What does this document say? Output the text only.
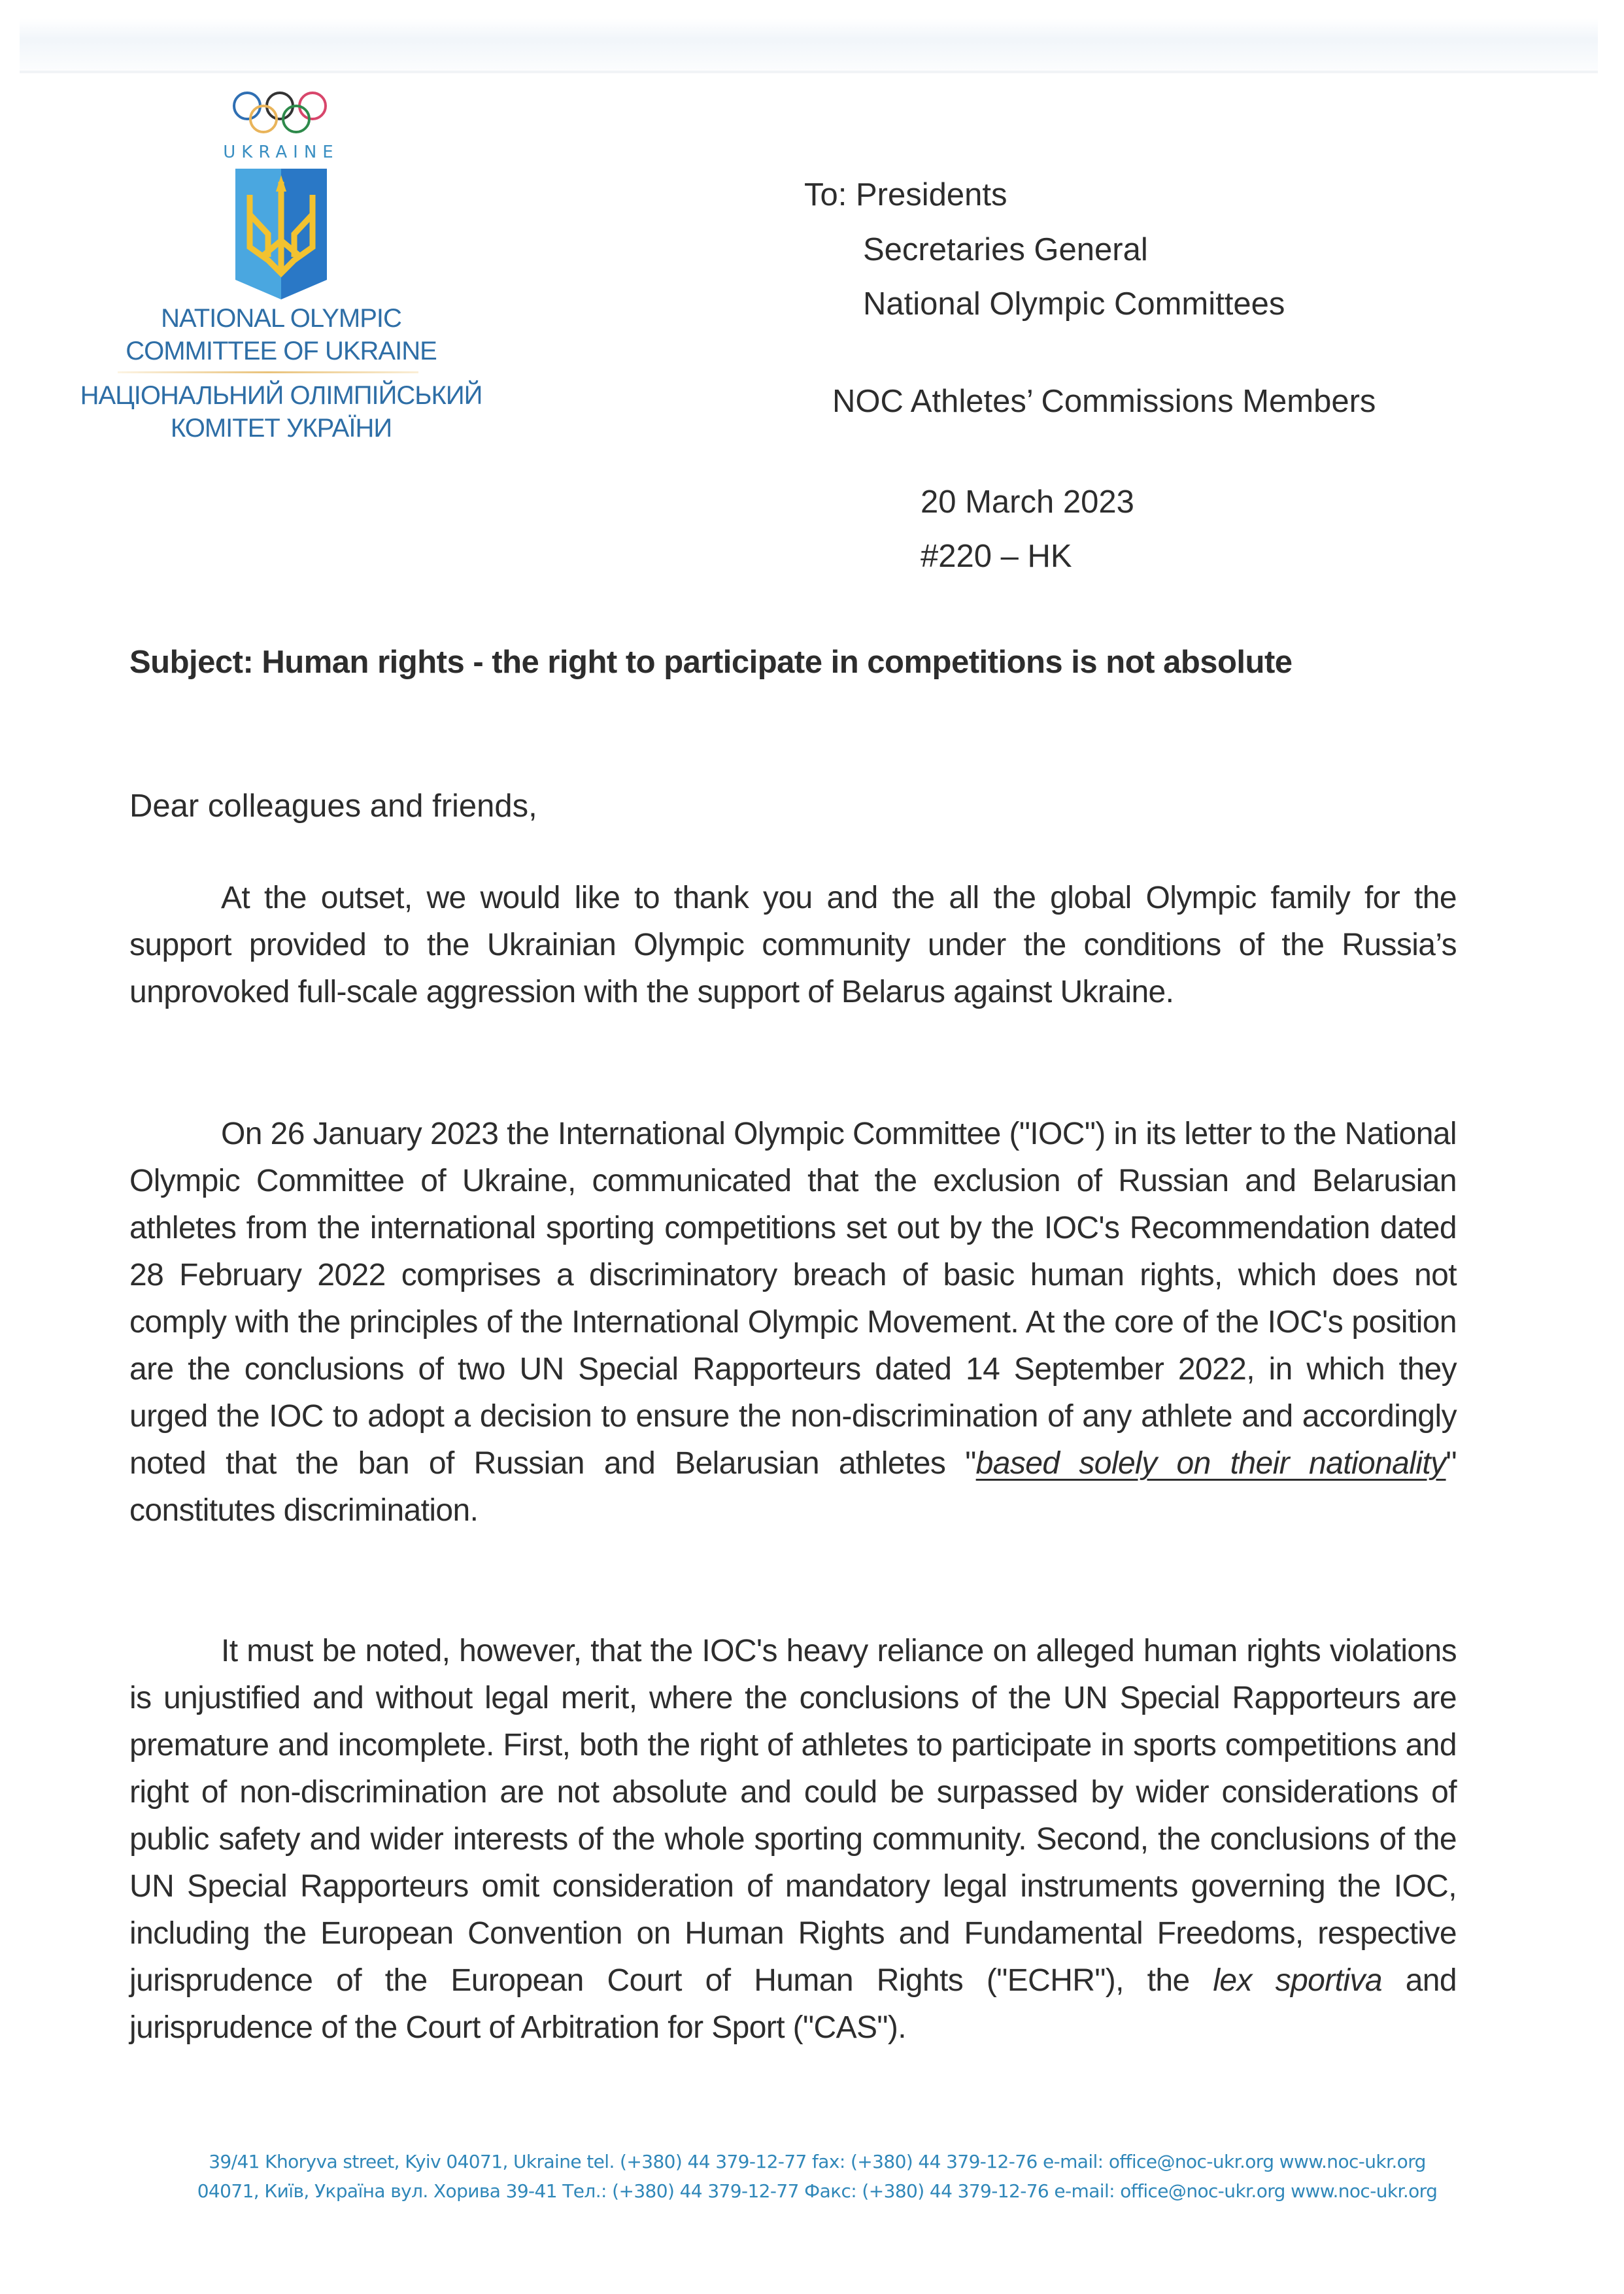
UKRAINE
NATIONAL OLYMPIC
COMMITTEE OF UKRAINE
НАЦІОНАЛЬНИЙ ОЛІМПІЙСЬКИЙ
КОМІТЕТ УКРАЇНИ
To: Presidents
Secretaries General
National Olympic Committees
NOC Athletes’ Commissions Members
20 March 2023
#220 – HK
Subject: Human rights - the right to participate in competitions is not absolute
Dear colleagues and friends,
At the outset, we would like to thank you and the all the global Olympic family for the support provided to the Ukrainian Olympic community under the conditions of the Russia’s unprovoked full-scale aggression with the support of Belarus against Ukraine.
On 26 January 2023 the International Olympic Committee ("IOC") in its letter to the National Olympic Committee of Ukraine, communicated that the exclusion of Russian and Belarusian athletes from the international sporting competitions set out by the IOC's Recommendation dated 28 February 2022 comprises a discriminatory breach of basic human rights, which does not comply with the principles of the International Olympic Movement. At the core of the IOC's position are the conclusions of two UN Special Rapporteurs dated 14 September 2022, in which they urged the IOC to adopt a decision to ensure the non-discrimination of any athlete and accordingly noted that the ban of Russian and Belarusian athletes "based solely on their nationality" constitutes discrimination.
It must be noted, however, that the IOC's heavy reliance on alleged human rights violations is unjustified and without legal merit, where the conclusions of the UN Special Rapporteurs are premature and incomplete. First, both the right of athletes to participate in sports competitions and right of non-discrimination are not absolute and could be surpassed by wider considerations of public safety and wider interests of the whole sporting community. Second, the conclusions of the UN Special Rapporteurs omit consideration of mandatory legal instruments governing the IOC, including the European Convention on Human Rights and Fundamental Freedoms, respective jurisprudence of the European Court of Human Rights ("ECHR"), the lex sportiva and jurisprudence of the Court of Arbitration for Sport ("CAS").
39/41 Khoryva street, Kyiv 04071, Ukraine tel. (+380) 44 379-12-77 fax: (+380) 44 379-12-76 e-mail: office@noc-ukr.org www.noc-ukr.org
04071, Київ, Україна вул. Хорива 39-41 Тел.: (+380) 44 379-12-77 Факс: (+380) 44 379-12-76 e-mail: office@noc-ukr.org www.noc-ukr.org
